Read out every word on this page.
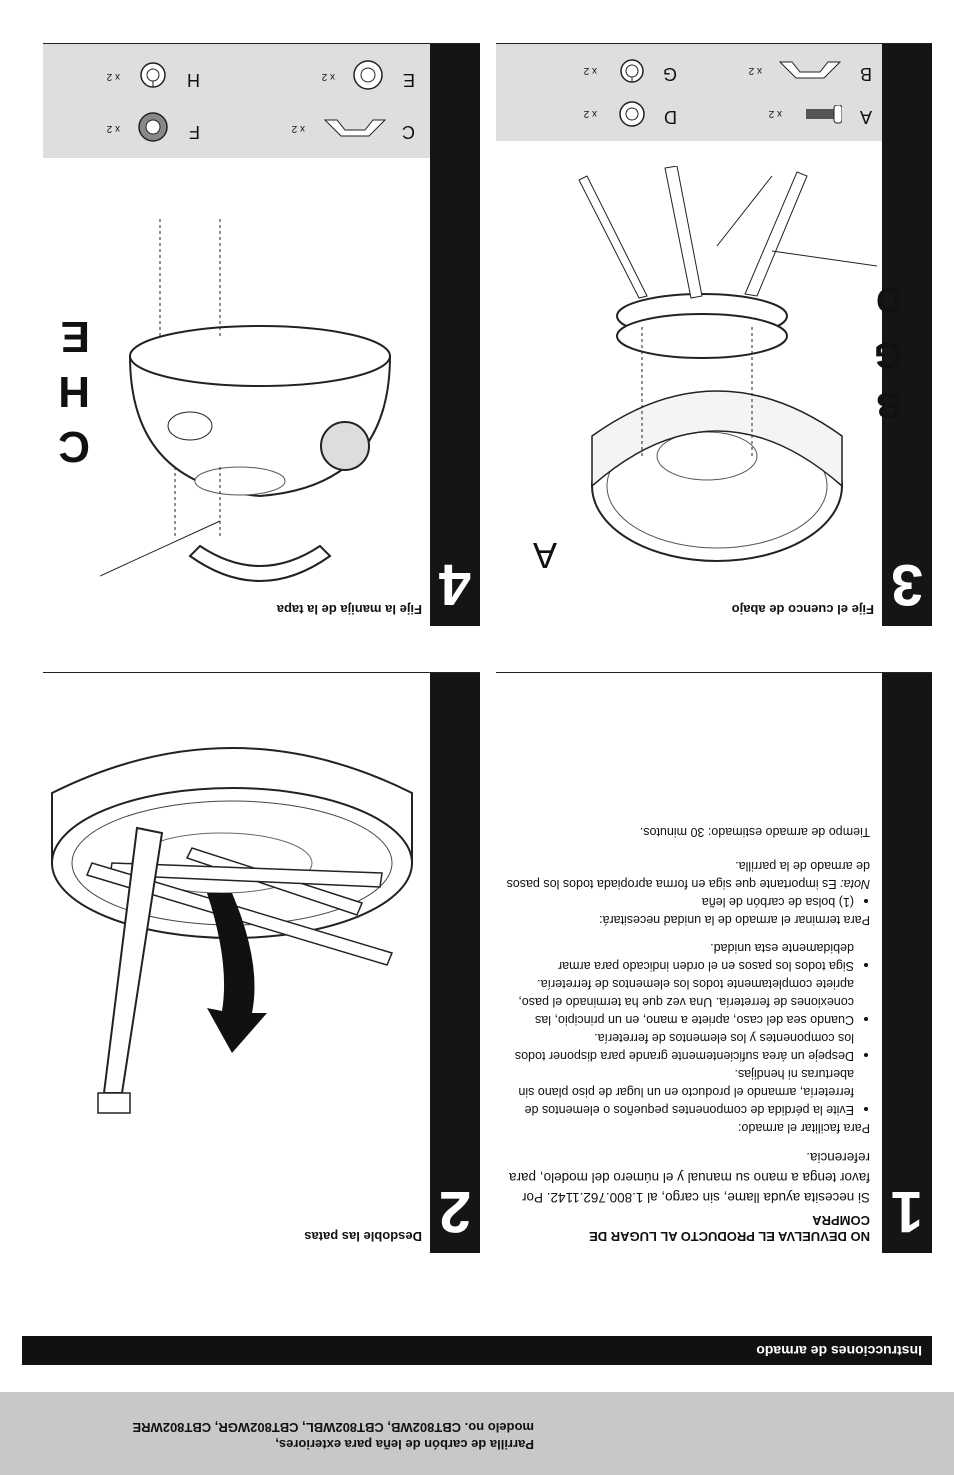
Parrilla de carbón de leña para exteriores,
modelo no. CBT802WB, CBT802WBL, CBT802WGR, CBT802WRE
Instrucciones de armado
1
NO DEVUELVA EL PRODUCTO AL LUGAR DE COMPRA
Si necesita ayuda llame, sin cargo, al 1.800.762.1142. Por favor tenga a mano su manual y el número del modelo, para referencia.
Para facilitar el armado:
• Evite la pérdida de componentes pequeños o elementos de ferretería, armando el producto en un lugar de piso plano sin aberturas ni hendijas.
• Despeje un área suficientemente grande para disponer todos los componentes y los elementos de ferretería.
• Cuando sea del caso, apriete a mano, en un principio, las conexiones de ferretería. Una vez que ha terminado el paso, apriete completamente todos los elementos de ferretería.
• Siga todos los pasos en el orden indicado para armar debidamente esta unidad.
Para terminar el armado de la unidad necesitará:
• (1) bolsa de carbón de leña
Nota: Es importante que siga en forma apropiada todos los pasos de armado de la parrilla.
Tiempo de armado estimado: 30 minutos.
2
Desdoble las patas
3
Fije el cuenco de abajo
A
B
G
D
A
x 2
B
x 2
D
x 2
G
x 2
4
Fije la manija de la tapa
C
H
E
C
x 2
E
x 2
F
x 2
H
x 2
